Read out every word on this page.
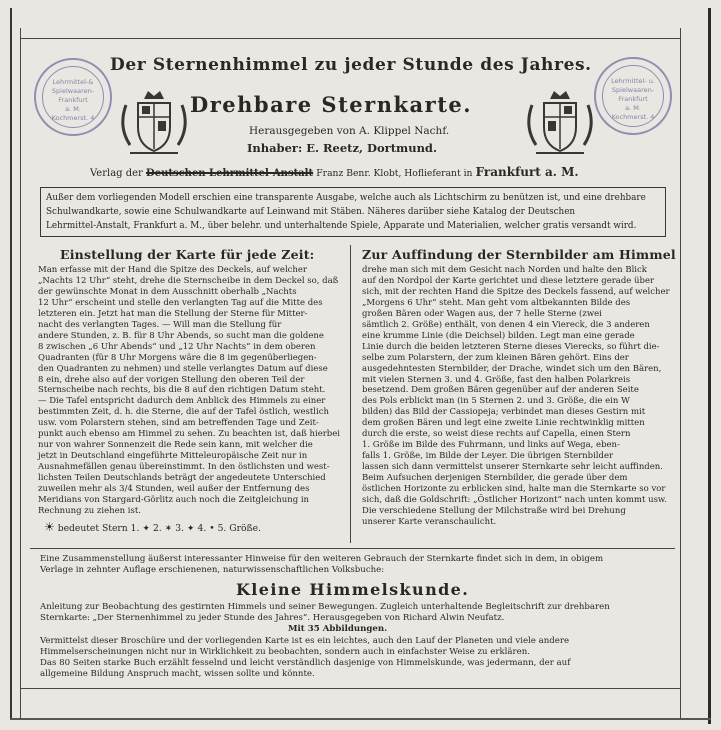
Lehrmittel-&
Spielwaaren-
Frankfurt
a. M.
Kochmerst. 4
Lehrmittel- u. Spielwaaren-
Frankfurt
a. M.
Kochmerst. 4
Der Sternenhimmel zu jeder Stunde des Jahres.
Drehbare Sternkarte.
Herausgegeben von A. Klippel Nachf.
Inhaber: E. Reetz, Dortmund.
Verlag der Deutschen Lehrmittel-Anstalt Franz Benr. Klobt, Hoflieferant in Frankfurt a. M.
Außer dem vorliegenden Modell erschien eine transparente Ausgabe, welche auch als Lichtschirm zu benützen ist, und eine drehbare
Schulwandkarte, sowie eine Schulwandkarte auf Leinwand mit Stäben. Näheres darüber siehe Katalog der Deutschen
Lehrmittel-Anstalt, Frankfurt a. M., über belehr. und unterhaltende Spiele, Apparate und Materialien, welcher gratis versandt wird.
Einstellung der Karte für jede Zeit:
Man erfasse mit der Hand die Spitze des Deckels, auf welcher
„Nachts 12 Uhr“ steht, drehe die Sternscheibe in dem Deckel so, daß
der gewünschte Monat in dem Ausschnitt oberhalb „Nachts
12 Uhr“ erscheint und stelle den verlangten Tag auf die Mitte des
letzteren ein. Jetzt hat man die Stellung der Sterne für Mitter-
nacht des verlangten Tages. — Will man die Stellung für
andere Stunden, z. B. für 8 Uhr Abends, so sucht man die goldene
8 zwischen „6 Uhr Abends“ und „12 Uhr Nachts“ in dem oberen
Quadranten (für 8 Uhr Morgens wäre die 8 im gegenüberliegen-
den Quadranten zu nehmen) und stelle verlangtes Datum auf diese
8 ein, drehe also auf der vorigen Stellung den oberen Teil der
Sternscheibe nach rechts, bis die 8 auf den richtigen Datum steht.
— Die Tafel entspricht dadurch dem Anblick des Himmels zu einer
bestimmten Zeit, d. h. die Sterne, die auf der Tafel östlich, westlich
usw. vom Polarstern stehen, sind am betreffenden Tage und Zeit-
punkt auch ebenso am Himmel zu sehen. Zu beachten ist, daß hierbei
nur von wahrer Sonnenzeit die Rede sein kann, mit welcher die
jetzt in Deutschland eingeführte Mitteleuropäische Zeit nur in
Ausnahmefällen genau übereinstimmt. In den östlichsten und west-
lichsten Teilen Deutschlands beträgt der angedeutete Unterschied
zuweilen mehr als 3/4 Stunden, weil außer der Entfernung des
Meridians von Stargard-Görlitz auch noch die Zeitgleichung in
Rechnung zu ziehen ist.
☀ bedeutet Stern 1. ✦ 2. ✶ 3. ✦ 4. • 5. Größe.
Zur Auffindung der Sternbilder am Himmel
drehe man sich mit dem Gesicht nach Norden und halte den Blick
auf den Nordpol der Karte gerichtet und diese letztere gerade über
sich, mit der rechten Hand die Spitze des Deckels fassend, auf welcher
„Morgens 6 Uhr“ steht. Man geht vom altbekannten Bilde des
großen Bären oder Wagen aus, der 7 helle Sterne (zwei
sämtlich 2. Größe) enthält, von denen 4 ein Viereck, die 3 anderen
eine krumme Linie (die Deichsel) bilden. Legt man eine gerade
Linie durch die beiden letzteren Sterne dieses Vierecks, so führt die-
selbe zum Polarstern, der zum kleinen Bären gehört. Eins der
ausgedehntesten Sternbilder, der Drache, windet sich um den Bären,
mit vielen Sternen 3. und 4. Größe, fast den halben Polarkreis
besetzend. Dem großen Bären gegenüber auf der anderen Seite
des Pols erblickt man (in 5 Sternen 2. und 3. Größe, die ein W
bilden) das Bild der Cassiopeja; verbindet man dieses Gestirn mit
dem großen Bären und legt eine zweite Linie rechtwinklig mitten
durch die erste, so weist diese rechts auf Capella, einen Stern
1. Größe im Bilde des Fuhrmann, und links auf Wega, eben-
falls 1. Größe, im Bilde der Leyer. Die übrigen Sternbilder
lassen sich dann vermittelst unserer Sternkarte sehr leicht auffinden.
Beim Aufsuchen derjenigen Sternbilder, die gerade über dem
östlichen Horizonte zu erblicken sind, halte man die Sternkarte so vor
sich, daß die Goldschrift: „Östlicher Horizont“ nach unten kommt usw.
Die verschiedene Stellung der Milchstraße wird bei Drehung
unserer Karte veranschaulicht.
Eine Zusammenstellung äußerst interessanter Hinweise für den weiteren Gebrauch der Sternkarte findet sich in dem, in obigem
Verlage in zehnter Auflage erschienenen, naturwissenschaftlichen Volksbuche:
Kleine Himmelskunde.
Anleitung zur Beobachtung des gestirnten Himmels und seiner Bewegungen. Zugleich unterhaltende Begleitschrift zur drehbaren
Sternkarte: „Der Sternenhimmel zu jeder Stunde des Jahres“. Herausgegeben von Richard Alwin Neufatz.
Mit 35 Abbildungen.
Vermittelst dieser Broschüre und der vorliegenden Karte ist es ein leichtes, auch den Lauf der Planeten und viele andere
Himmelserscheinungen nicht nur in Wirklichkeit zu beobachten, sondern auch in einfachster Weise zu erklären.
Das 80 Seiten starke Buch erzählt fesselnd und leicht verständlich dasjenige von Himmelskunde, was jedermann, der auf
allgemeine Bildung Anspruch macht, wissen sollte und könnte.
